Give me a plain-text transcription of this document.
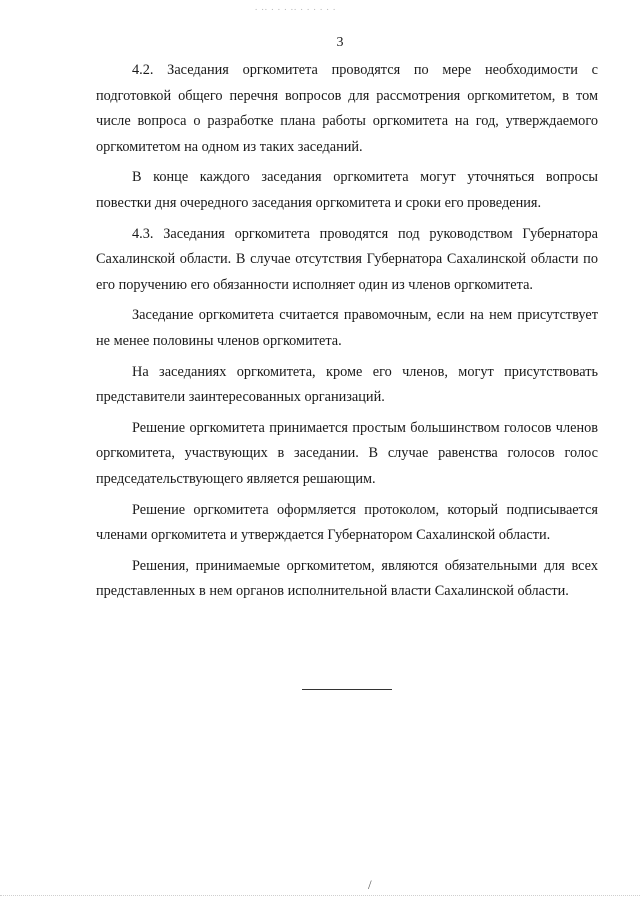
. .. . . . .. . . . . . .
3

4.2. Заседания оргкомитета проводятся по мере необходимости с подготовкой общего перечня вопросов для рассмотрения оргкомитетом, в том числе вопроса о разработке плана работы оргкомитета на год, утверждаемого оргкомитетом на одном из таких заседаний.

В конце каждого заседания оргкомитета могут уточняться вопросы повестки дня очередного заседания оргкомитета и сроки его проведения.

4.3. Заседания оргкомитета проводятся под руководством Губернатора Сахалинской области. В случае отсутствия Губернатора Сахалинской области по его поручению его обязанности исполняет один из членов оргкомитета.

Заседание оргкомитета считается правомочным, если на нем присутствует не менее половины членов оргкомитета.

На заседаниях оргкомитета, кроме его членов, могут присутствовать представители заинтересованных организаций.

Решение оргкомитета принимается простым большинством голосов членов оргкомитета, участвующих в заседании. В случае равенства голосов голос председательствующего является решающим.

Решение оргкомитета оформляется протоколом, который подписывается членами оргкомитета и утверждается Губернатором Сахалинской области.

Решения, принимаемые оргкомитетом, являются обязательными для всех представленных в нем органов исполнительной власти Сахалинской области.

/
